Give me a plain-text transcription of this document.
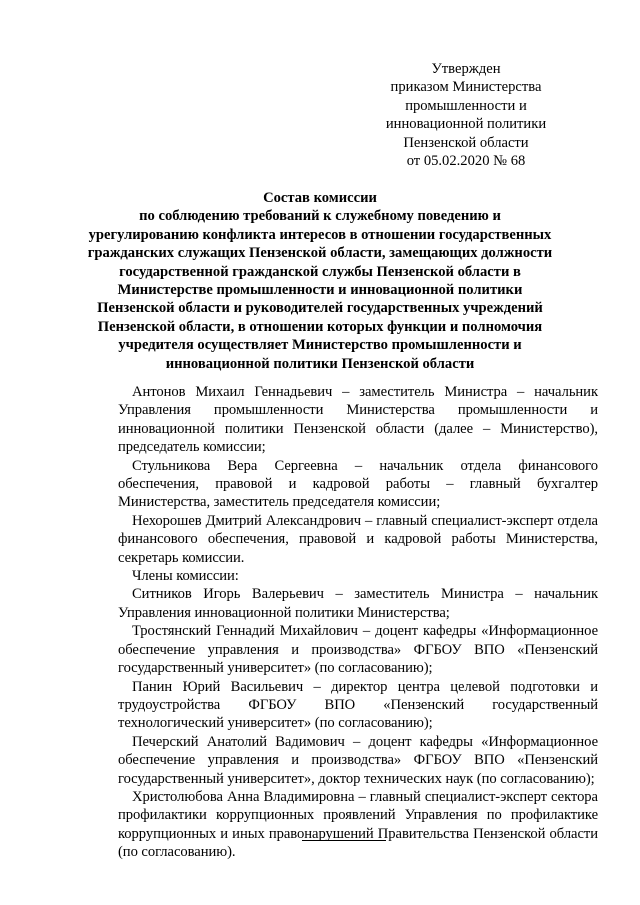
Утвержден
приказом Министерства
промышленности и
инновационной политики
Пензенской области
от 05.02.2020 № 68
Состав комиссии
по соблюдению требований к служебному поведению и
урегулированию конфликта интересов в отношении государственных
гражданских служащих Пензенской области, замещающих должности
государственной гражданской службы Пензенской области в
Министерстве промышленности и инновационной политики
Пензенской области и руководителей государственных учреждений
Пензенской области, в отношении которых функции и полномочия
учредителя осуществляет Министерство промышленности и
инновационной политики Пензенской области

Антонов Михаил Геннадьевич – заместитель Министра – начальник Управления промышленности Министерства промышленности и инновационной политики Пензенской области (далее – Министерство), председатель комиссии;

Стульникова Вера Сергеевна – начальник отдела финансового обеспечения, правовой и кадровой работы – главный бухгалтер Министерства, заместитель председателя комиссии;

Нехорошев Дмитрий Александрович – главный специалист-эксперт отдела финансового обеспечения, правовой и кадровой работы Министерства, секретарь комиссии.

Члены комиссии:

Ситников Игорь Валерьевич – заместитель Министра – начальник Управления инновационной политики Министерства;

Тростянский Геннадий Михайлович – доцент кафедры «Информационное обеспечение управления и производства» ФГБОУ ВПО «Пензенский государственный университет» (по согласованию);

Панин Юрий Васильевич – директор центра целевой подготовки и трудоустройства ФГБОУ ВПО «Пензенский государственный технологический университет» (по согласованию);

Печерский Анатолий Вадимович – доцент кафедры «Информационное обеспечение управления и производства» ФГБОУ ВПО «Пензенский государственный университет», доктор технических наук (по согласованию);

Христолюбова Анна Владимировна – главный специалист-эксперт сектора профилактики коррупционных проявлений Управления по профилактике коррупционных и иных правонарушений Правительства Пензенской области (по согласованию).
